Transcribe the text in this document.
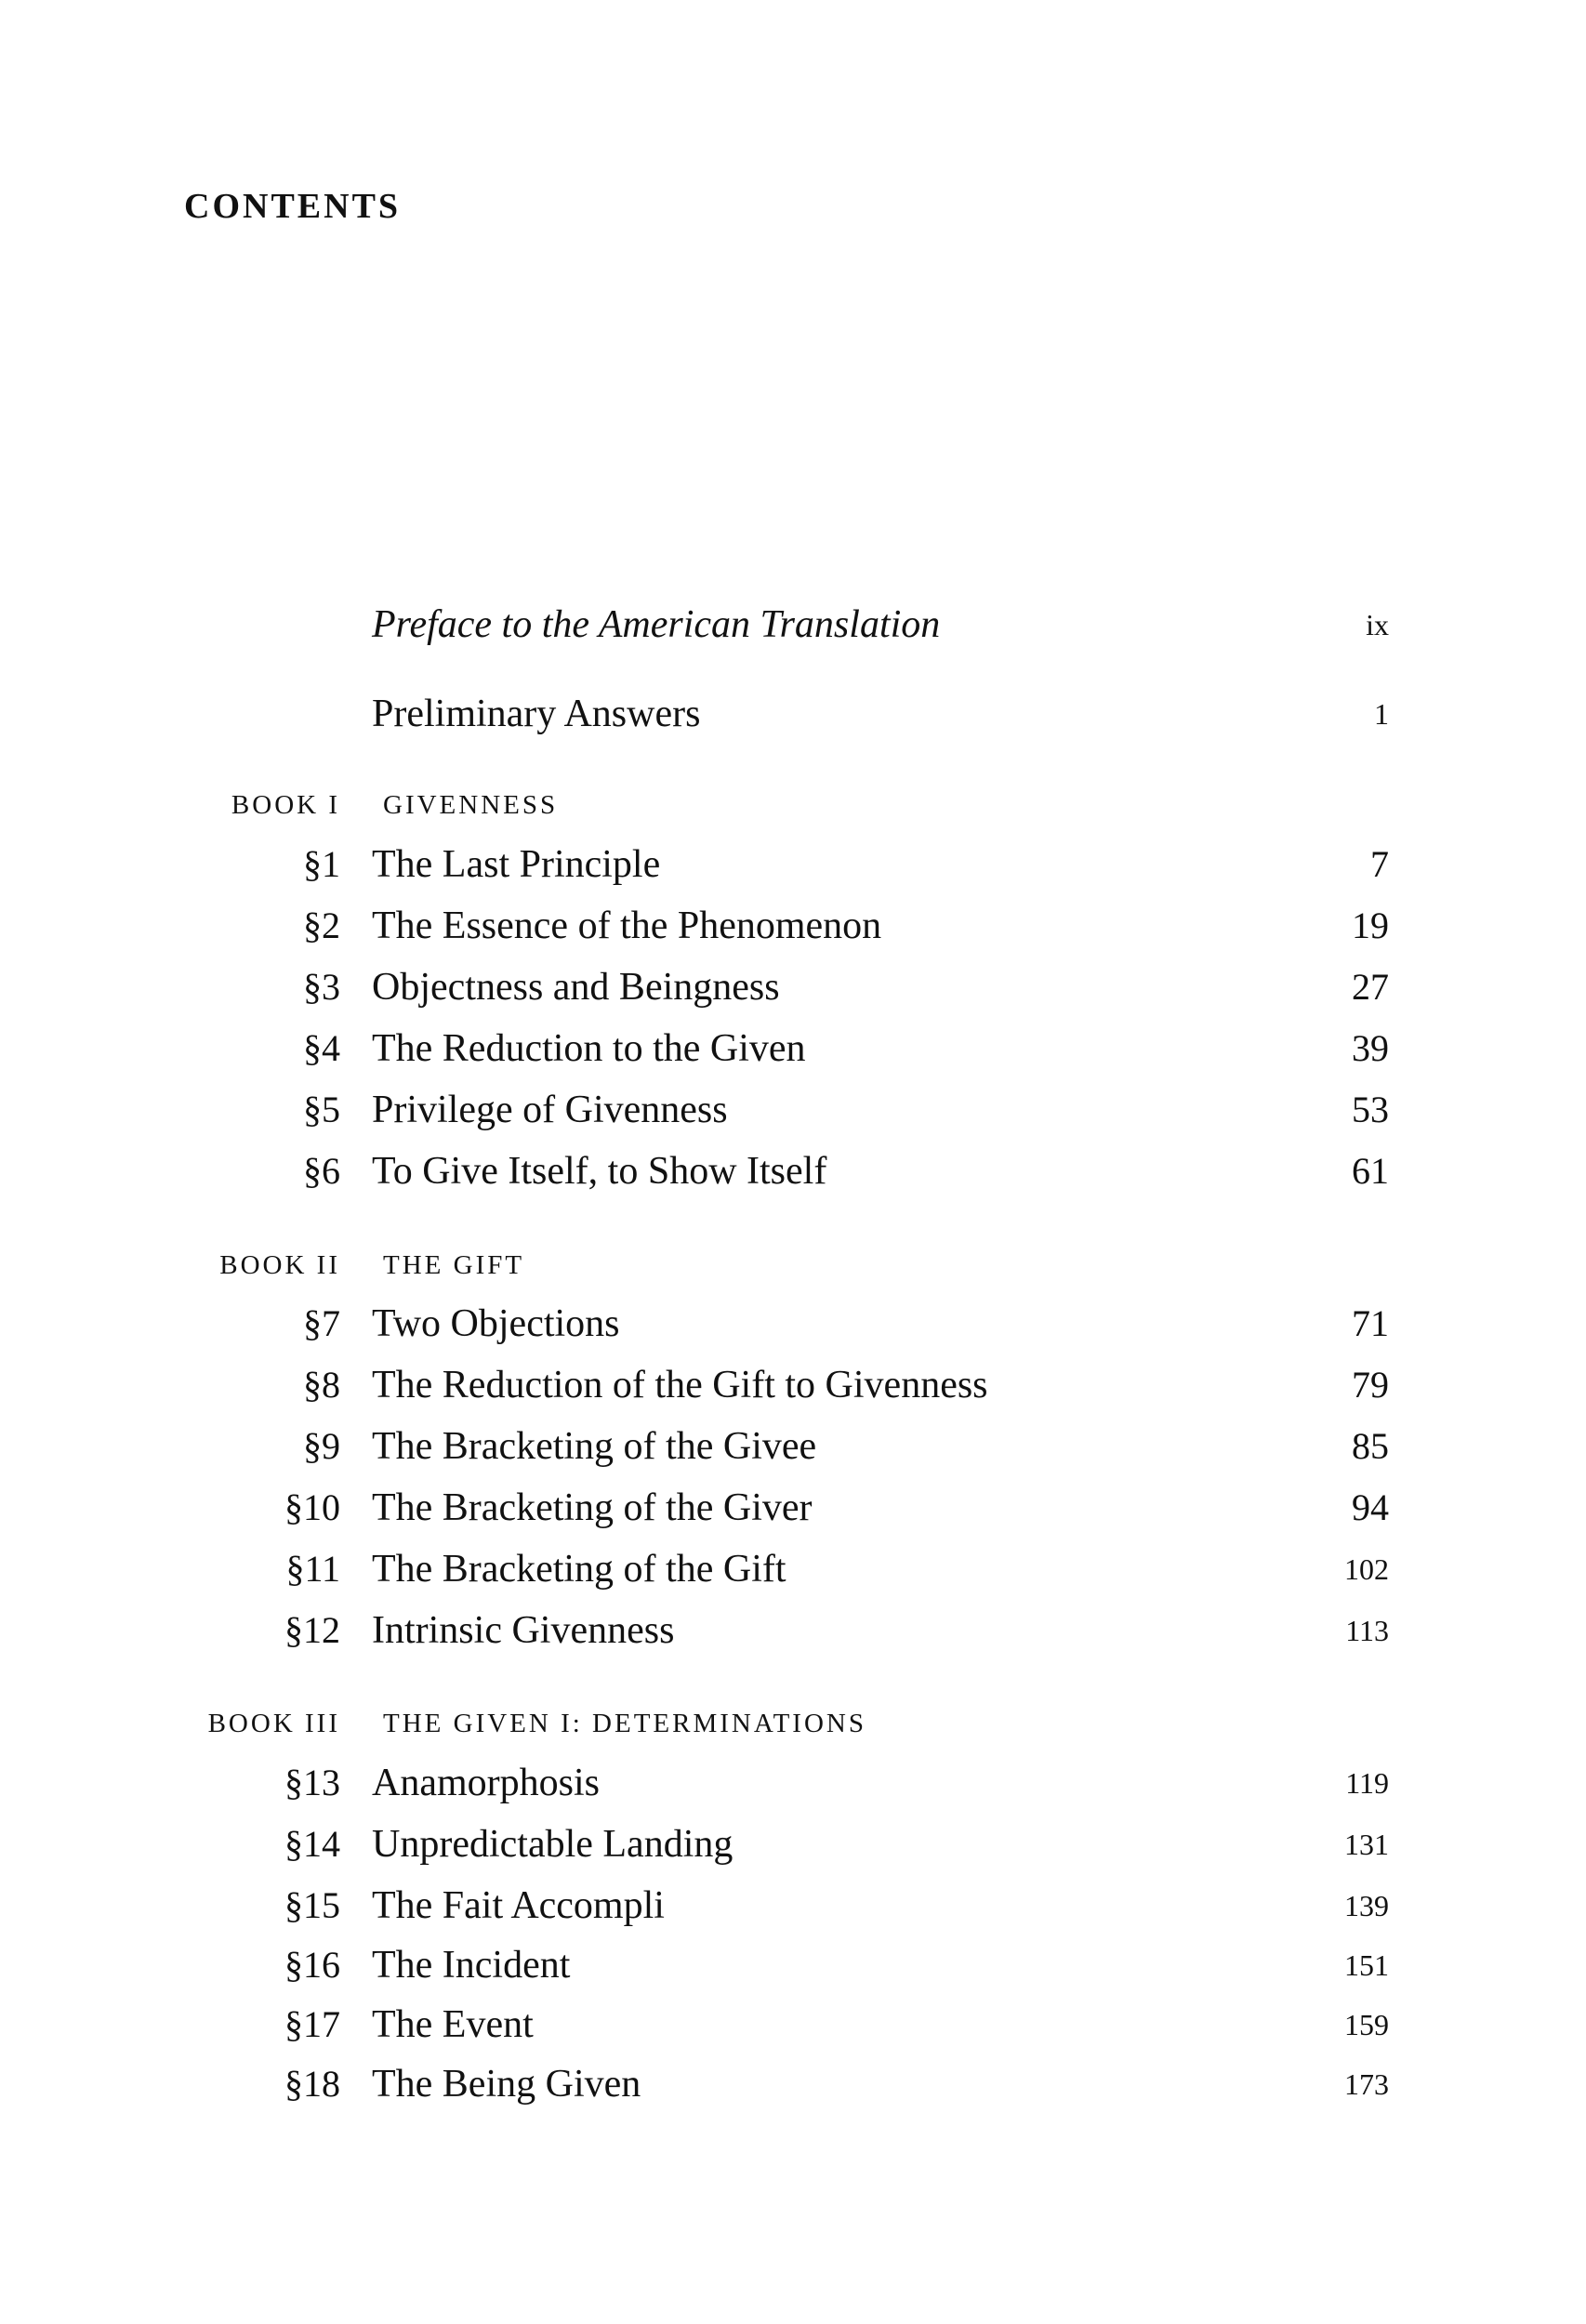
CONTENTS
Preface to the American Translation	ix
Preliminary Answers	1
BOOK I GIVENNESS
§1 The Last Principle	7
§2 The Essence of the Phenomenon	19
§3 Objectness and Beingness	27
§4 The Reduction to the Given	39
§5 Privilege of Givenness	53
§6 To Give Itself, to Show Itself	61
BOOK II THE GIFT
§7 Two Objections	71
§8 The Reduction of the Gift to Givenness	79
§9 The Bracketing of the Givee	85
§10 The Bracketing of the Giver	94
§11 The Bracketing of the Gift	102
§12 Intrinsic Givenness	113
BOOK III THE GIVEN I: DETERMINATIONS
§13 Anamorphosis	119
§14 Unpredictable Landing	131
§15 The Fait Accompli	139
§16 The Incident	151
§17 The Event	159
§18 The Being Given	173
